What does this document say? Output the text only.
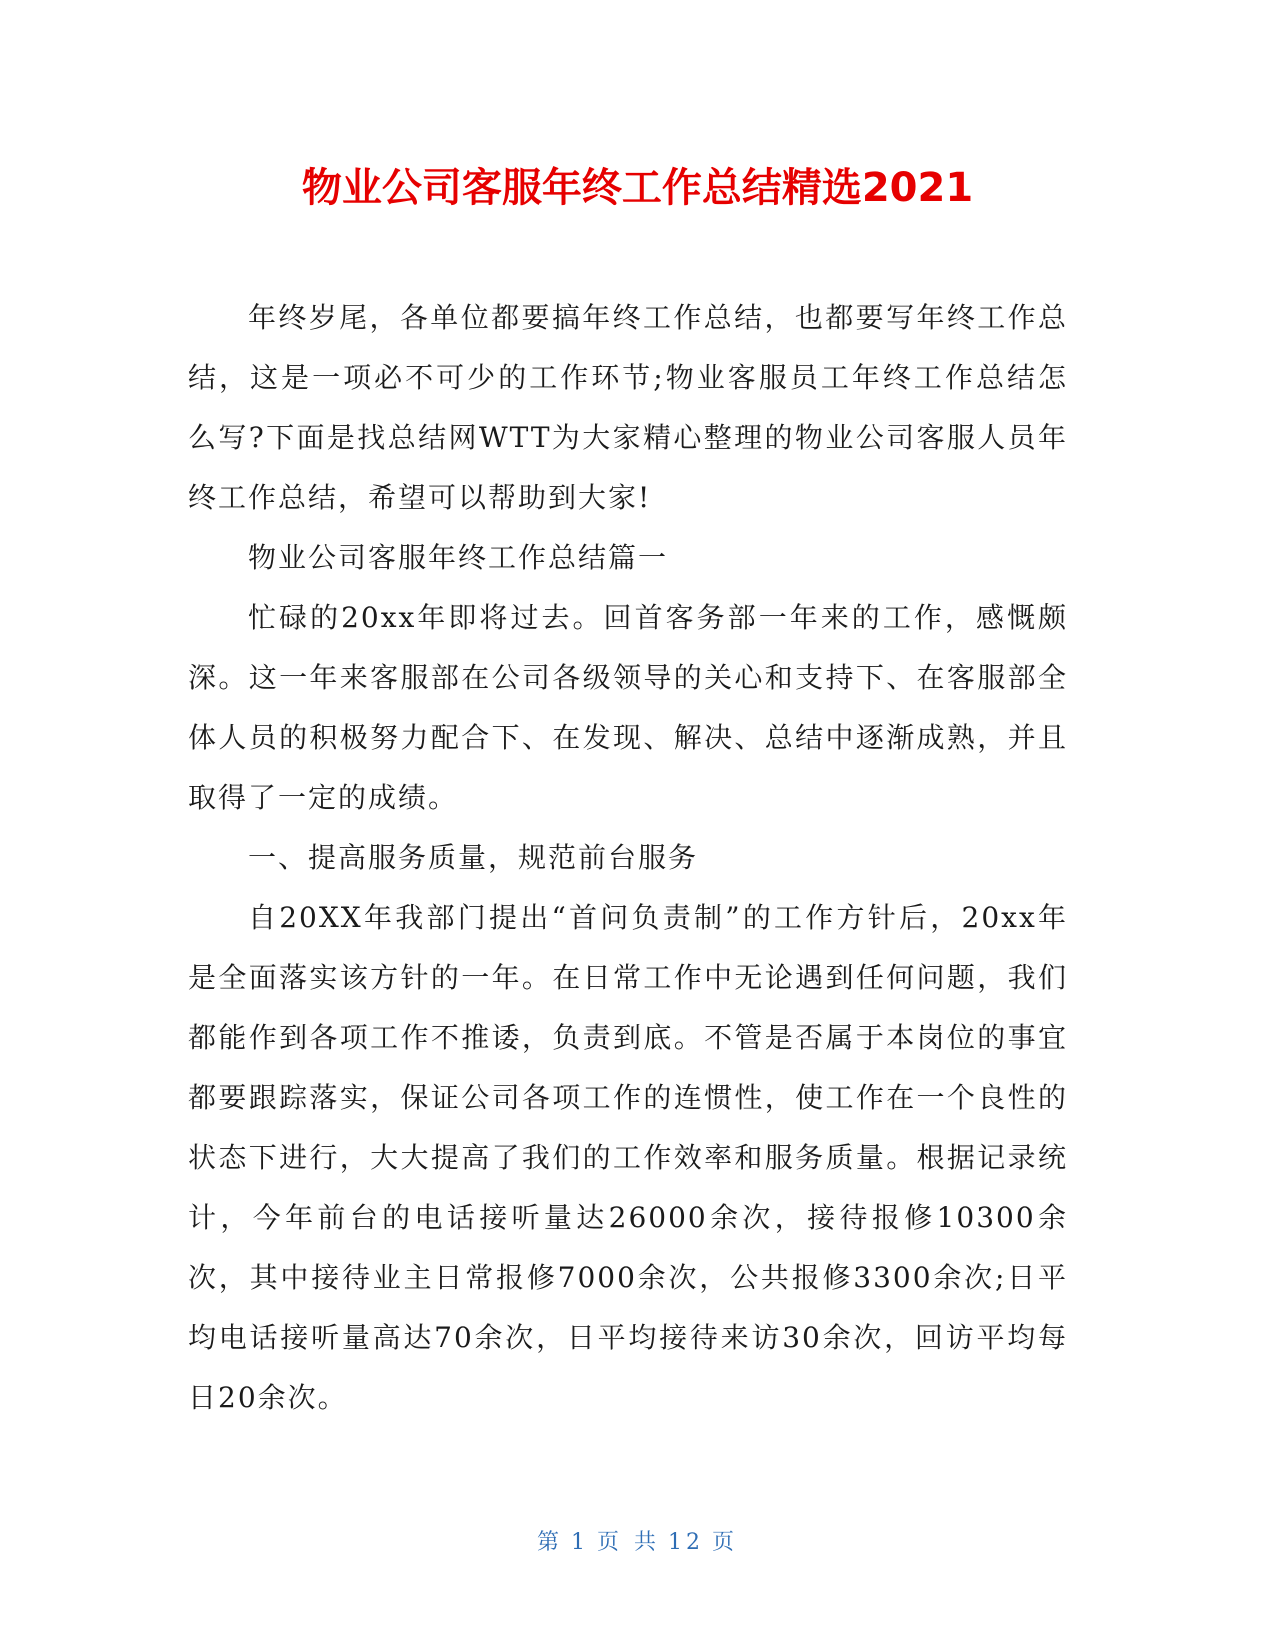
物业公司客服年终工作总结精选2021

年终岁尾，各单位都要搞年终工作总结，也都要写年终工作总结，这是一项必不可少的工作环节;物业客服员工年终工作总结怎么写?下面是找总结网WTT为大家精心整理的物业公司客服人员年终工作总结，希望可以帮助到大家!

物业公司客服年终工作总结篇一

忙碌的20xx年即将过去。回首客务部一年来的工作，感慨颇深。这一年来客服部在公司各级领导的关心和支持下、在客服部全体人员的积极努力配合下、在发现、解决、总结中逐渐成熟，并且取得了一定的成绩。

一、提高服务质量，规范前台服务

自20XX年我部门提出“首问负责制”的工作方针后，20xx年是全面落实该方针的一年。在日常工作中无论遇到任何问题，我们都能作到各项工作不推诿，负责到底。不管是否属于本岗位的事宜都要跟踪落实，保证公司各项工作的连惯性，使工作在一个良性的状态下进行，大大提高了我们的工作效率和服务质量。根据记录统计，今年前台的电话接听量达26000余次，接待报修10300余次，其中接待业主日常报修7000余次，公共报修3300余次;日平均电话接听量高达70余次，日平均接待来访30余次，回访平均每日20余次。

第 1 页 共 12 页
